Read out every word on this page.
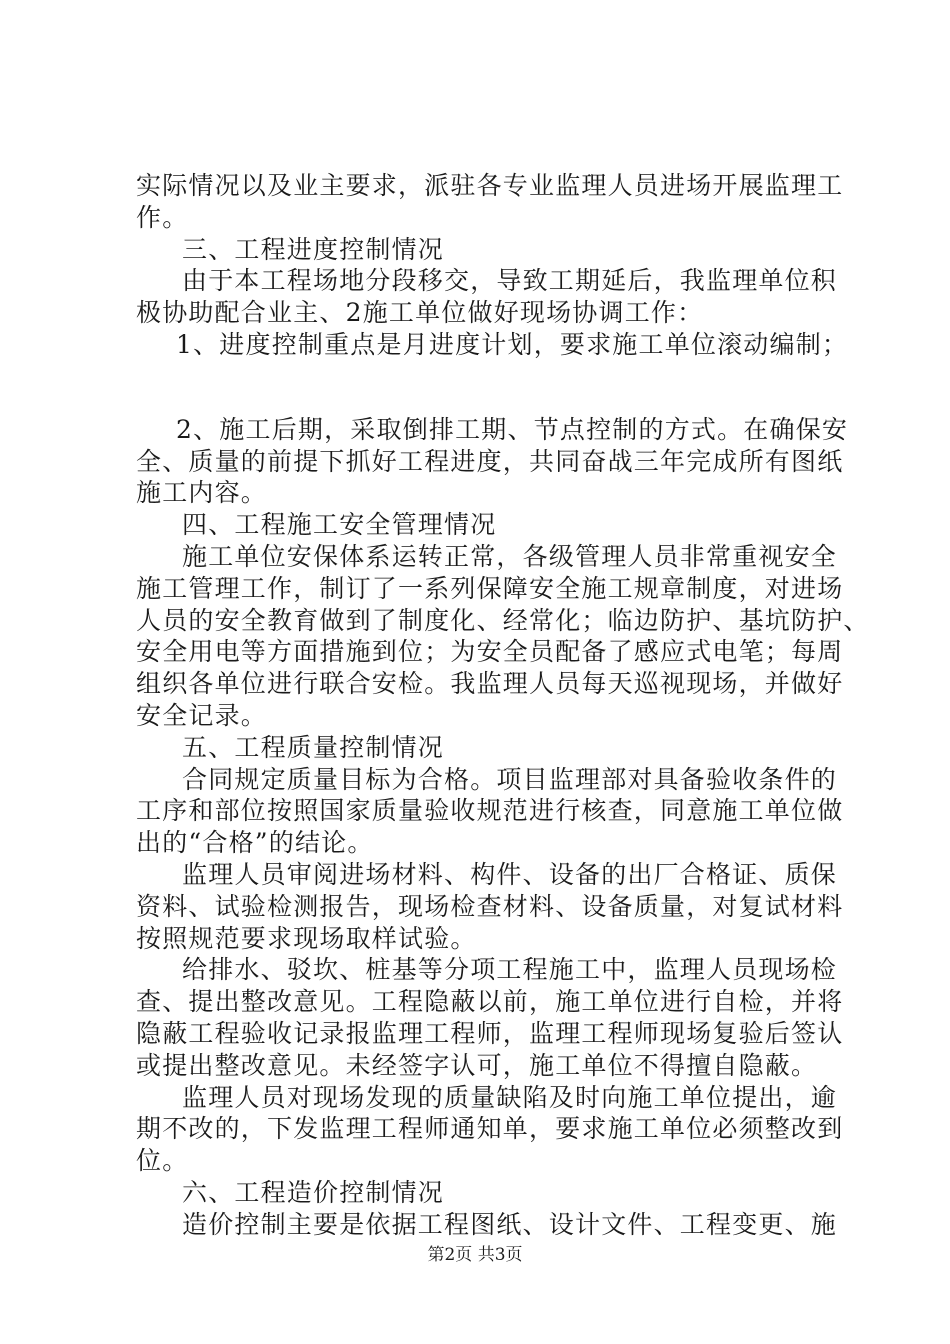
实际情况以及业主要求，派驻各专业监理人员进场开展监理工
作。
三、工程进度控制情况
由于本工程场地分段移交，导致工期延后，我监理单位积
极协助配合业主、2施工单位做好现场协调工作：
1、进度控制重点是月进度计划，要求施工单位滚动编制；
2、施工后期，采取倒排工期、节点控制的方式。在确保安
全、质量的前提下抓好工程进度，共同奋战三年完成所有图纸
施工内容。
四、工程施工安全管理情况
施工单位安保体系运转正常，各级管理人员非常重视安全
施工管理工作，制订了一系列保障安全施工规章制度，对进场
人员的安全教育做到了制度化、经常化；临边防护、基坑防护、
安全用电等方面措施到位；为安全员配备了感应式电笔；每周
组织各单位进行联合安检。我监理人员每天巡视现场，并做好
安全记录。
五、工程质量控制情况
合同规定质量目标为合格。项目监理部对具备验收条件的
工序和部位按照国家质量验收规范进行核查，同意施工单位做
出的“合格”的结论。
监理人员审阅进场材料、构件、设备的出厂合格证、质保
资料、试验检测报告，现场检查材料、设备质量，对复试材料
按照规范要求现场取样试验。
给排水、驳坎、桩基等分项工程施工中，监理人员现场检
查、提出整改意见。工程隐蔽以前，施工单位进行自检，并将
隐蔽工程验收记录报监理工程师，监理工程师现场复验后签认
或提出整改意见。未经签字认可，施工单位不得擅自隐蔽。
监理人员对现场发现的质量缺陷及时向施工单位提出，逾
期不改的，下发监理工程师通知单，要求施工单位必须整改到
位。
六、工程造价控制情况
造价控制主要是依据工程图纸、设计文件、工程变更、施
第2页 共3页
